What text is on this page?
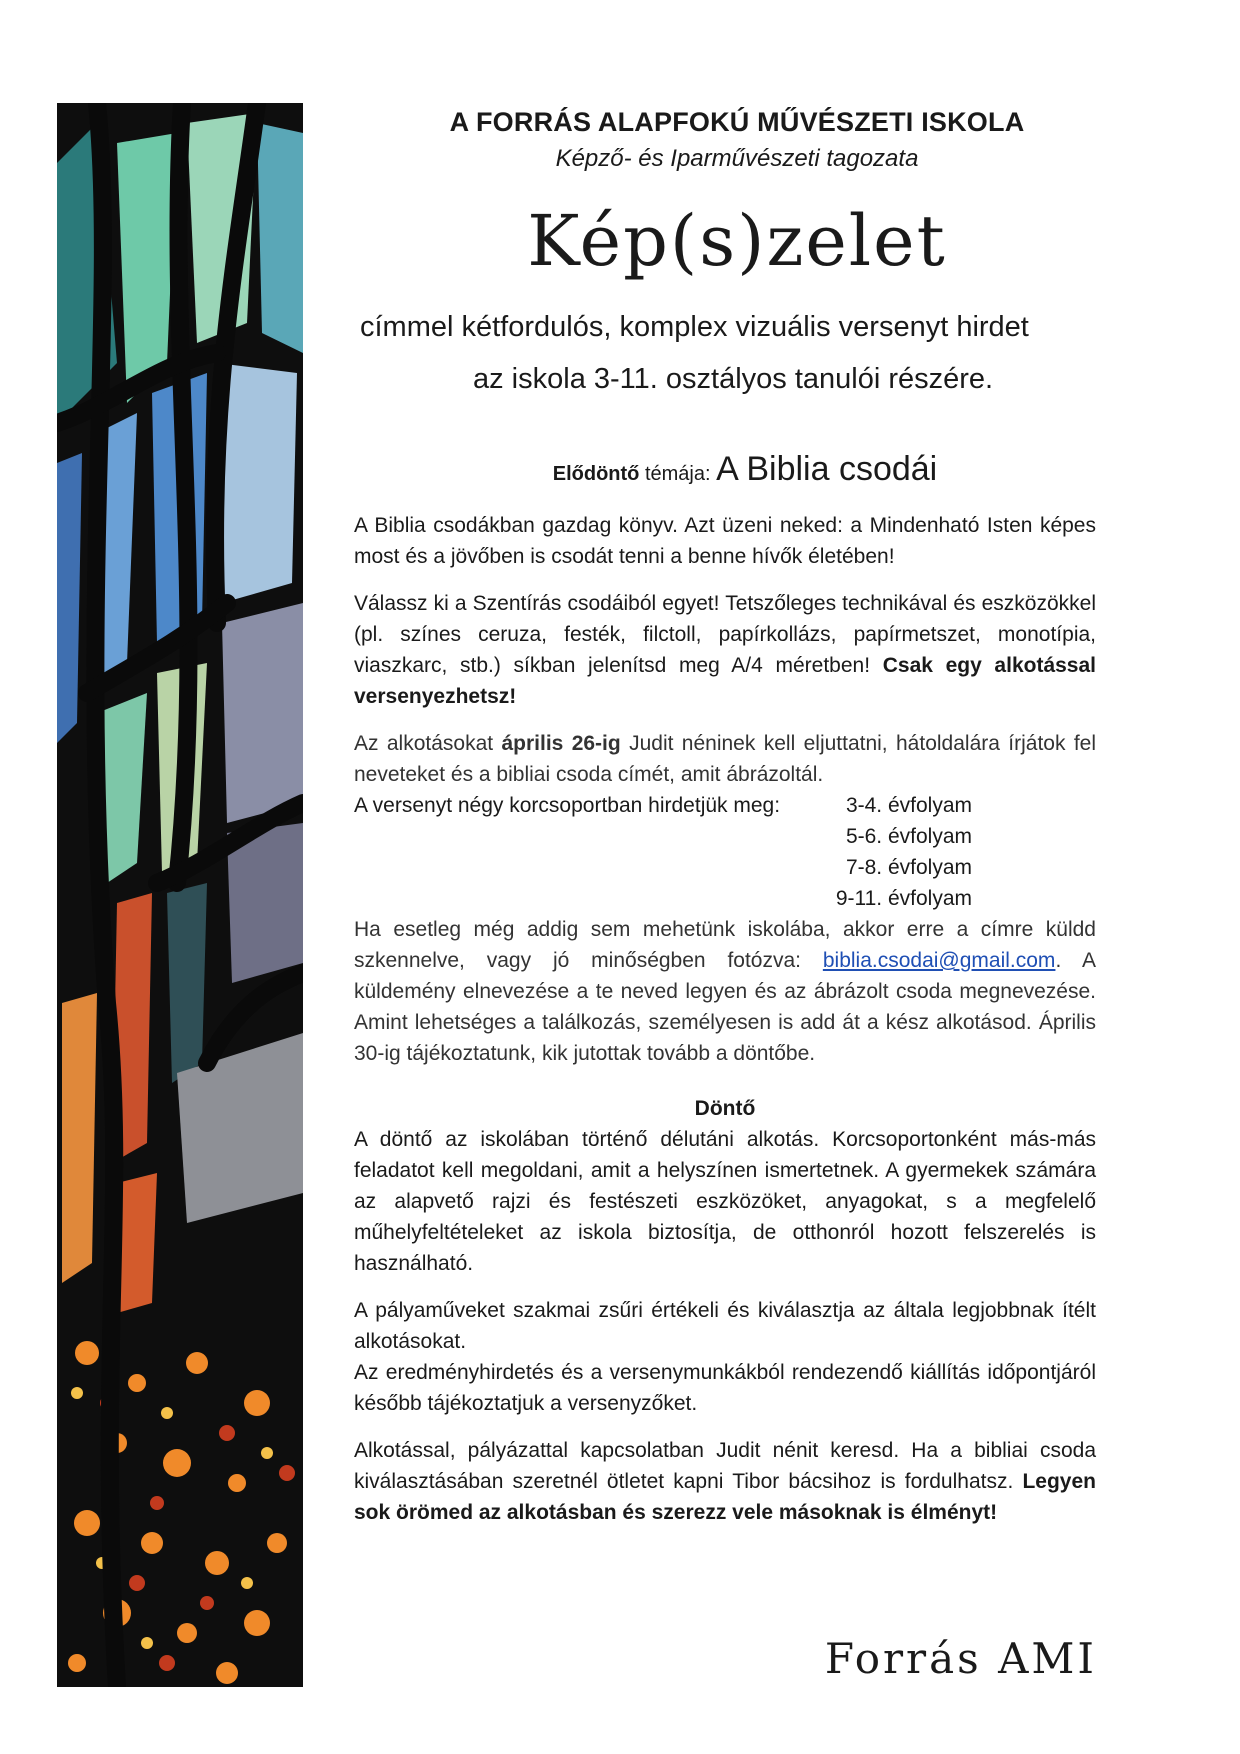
A FORRÁS ALAPFOKÚ MŰVÉSZETI ISKOLA
Képző- és Iparművészeti tagozata
Kép(s)zelet
címmel kétfordulós, komplex vizuális versenyt hirdet
az iskola 3-11. osztályos tanulói részére.
Elődöntő témája: A Biblia csodái

A Biblia csodákban gazdag könyv. Azt üzeni neked: a Mindenható Isten képes most és a jövőben is csodát tenni a benne hívők életében!

Válassz ki a Szentírás csodáiból egyet! Tetszőleges technikával és eszközökkel (pl. színes ceruza, festék, filctoll, papírkollázs, papírmetszet, monotípia, viaszkarc, stb.) síkban jelenítsd meg A/4 méretben! Csak egy alkotással versenyezhetsz!

Az alkotásokat április 26-ig Judit néninek kell eljuttatni, hátoldalára írjátok fel neveteket és a bibliai csoda címét, amit ábrázoltál.

A versenyt négy korcsoportban hirdetjük meg:	3-4. évfolyam
5-6. évfolyam
7-8. évfolyam
9-11. évfolyam

Ha esetleg még addig sem mehetünk iskolába, akkor erre a címre küldd szkennelve, vagy jó minőségben fotózva: biblia.csodai@gmail.com. A küldemény elnevezése a te neved legyen és az ábrázolt csoda megnevezése. Amint lehetséges a találkozás, személyesen is add át a kész alkotásod. Április 30-ig tájékoztatunk, kik jutottak tovább a döntőbe.

Döntő

A döntő az iskolában történő délutáni alkotás. Korcsoportonként más-más feladatot kell megoldani, amit a helyszínen ismertetnek. A gyermekek számára az alapvető rajzi és festészeti eszközöket, anyagokat, s a megfelelő műhelyfeltételeket az iskola biztosítja, de otthonról hozott felszerelés is használható.

A pályaműveket szakmai zsűri értékeli és kiválasztja az általa legjobbnak ítélt alkotásokat.

Az eredményhirdetés és a versenymunkákból rendezendő kiállítás időpontjáról később tájékoztatjuk a versenyzőket.

Alkotással, pályázattal kapcsolatban Judit nénit keresd. Ha a bibliai csoda kiválasztásában szeretnél ötletet kapni Tibor bácsihoz is fordulhatsz. Legyen sok örömed az alkotásban és szerezz vele másoknak is élményt!

Forrás AMI
